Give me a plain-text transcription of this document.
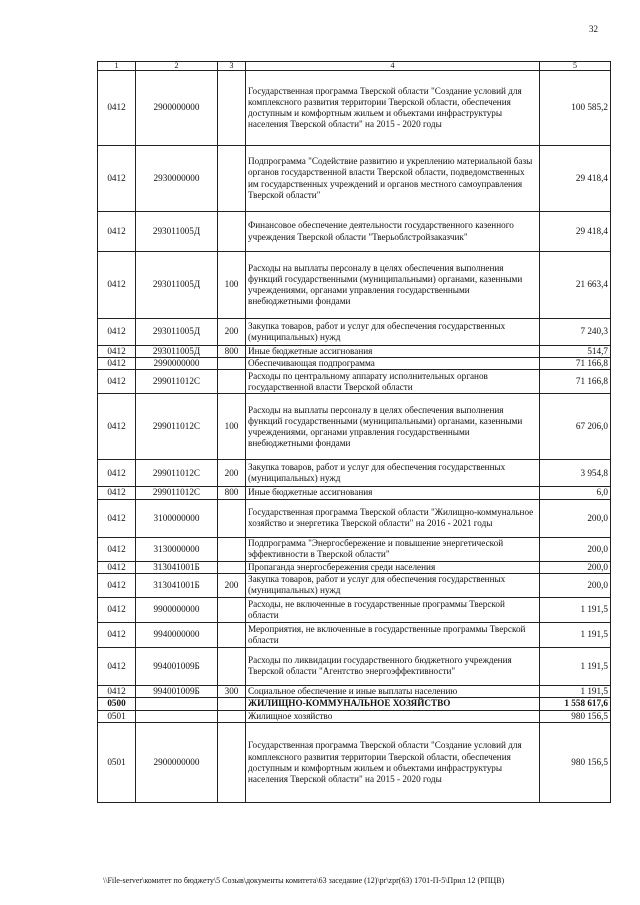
32
1	2	3	4	5
0412	2900000000		Государственная программа Тверской области "Создание условий для комплексного развития территории Тверской области, обеспечения доступным и комфортным жильем и объектами инфраструктуры населения Тверской области" на 2015 - 2020 годы	100 585,2
0412	2930000000		Подпрограмма "Содействие развитию и укреплению материальной базы органов государственной власти Тверской области, подведомственных им государственных учреждений и органов местного самоуправления Тверской области"	29 418,4
0412	293011005Д		Финансовое обеспечение деятельности государственного казенного учреждения Тверской области "Тверьоблстройзаказчик"	29 418,4
0412	293011005Д	100	Расходы на выплаты персоналу в целях обеспечения выполнения функций государственными (муниципальными) органами, казенными учреждениями, органами управления государственными внебюджетными фондами	21 663,4
0412	293011005Д	200	Закупка товаров, работ и услуг для обеспечения государственных (муниципальных) нужд	7 240,3
0412	293011005Д	800	Иные бюджетные ассигнования	514,7
0412	2990000000		Обеспечивающая подпрограмма	71 166,8
0412	299011012С		Расходы по центральному аппарату исполнительных органов государственной власти Тверской области	71 166,8
0412	299011012С	100	Расходы на выплаты персоналу в целях обеспечения выполнения функций государственными (муниципальными) органами, казенными учреждениями, органами управления государственными внебюджетными фондами	67 206,0
0412	299011012С	200	Закупка товаров, работ и услуг для обеспечения государственных (муниципальных) нужд	3 954,8
0412	299011012С	800	Иные бюджетные ассигнования	6,0
0412	3100000000		Государственная программа Тверской области "Жилищно-коммунальное хозяйство и энергетика Тверской области" на 2016 - 2021 годы	200,0
0412	3130000000		Подпрограмма "Энергосбережение и повышение энергетической эффективности в Тверской области"	200,0
0412	313041001Б		Пропаганда энергосбережения среди населения	200,0
0412	313041001Б	200	Закупка товаров, работ и услуг для обеспечения государственных (муниципальных) нужд	200,0
0412	9900000000		Расходы, не включенные в государственные программы Тверской области	1 191,5
0412	9940000000		Мероприятия, не включенные в государственные программы Тверской области	1 191,5
0412	994001009Б		Расходы по ликвидации государственного бюджетного учреждения Тверской области "Агентство энергоэффективности"	1 191,5
0412	994001009Б	300	Социальное обеспечение и иные выплаты населению	1 191,5
0500			ЖИЛИЩНО-КОММУНАЛЬНОЕ ХОЗЯЙСТВО	1 558 617,6
0501			Жилищное хозяйство	980 156,5
0501	2900000000		Государственная программа Тверской области "Создание условий для комплексного развития территории Тверской области, обеспечения доступным и комфортным жильем и объектами инфраструктуры населения Тверской области" на 2015 - 2020 годы	980 156,5
\\File-server\комитет по бюджету\5 Созыв\документы комитета\63 заседание (12)\pr\zpr(63) 1701-П-5\Прил 12 (РПЦВ)
